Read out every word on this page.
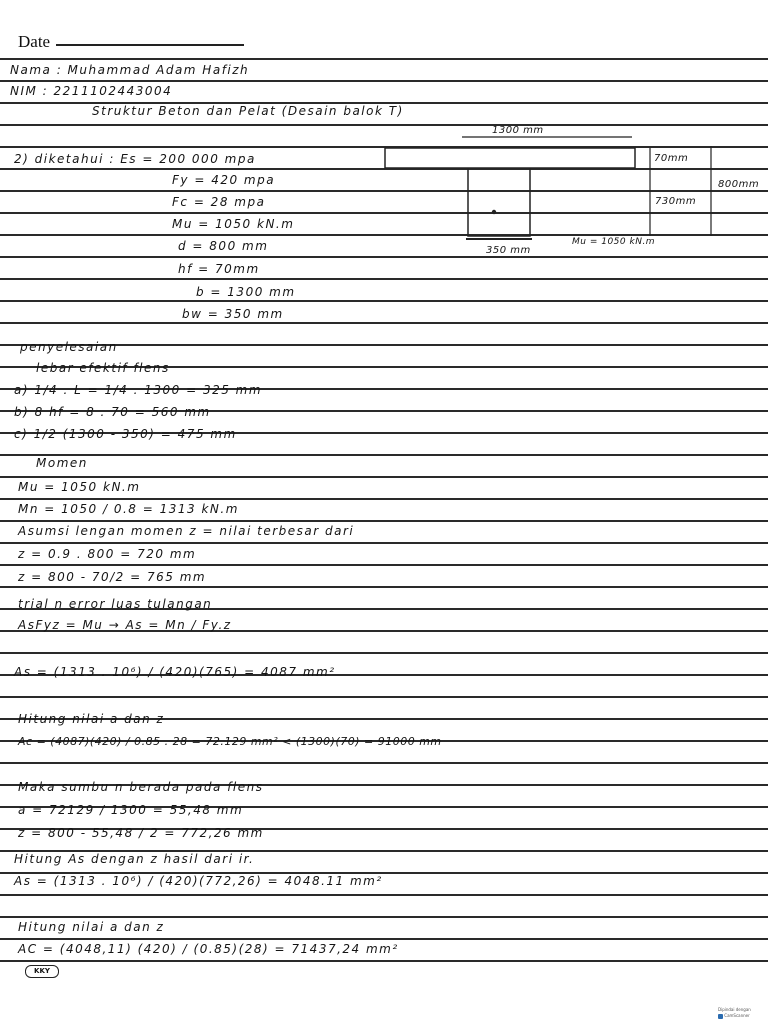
Date
Nama : Muhammad Adam Hafizh
NIM : 2211102443004
Struktur Beton dan Pelat (Desain balok T)
2) diketahui : Es = 200 000 mpa
Fy = 420 mpa
Fc = 28 mpa
Mu = 1050 kN.m
d = 800 mm
hf = 70mm
b = 1300 mm
bw = 350 mm
penyelesaian
lebar efektif flens
a) 1/4 . L = 1/4 . 1300 = 325 mm
b) 8 hf = 8 . 70 = 560 mm
c) 1/2 (1300 - 350) = 475 mm
Momen
Mu = 1050 kN.m
Mn = 1050 / 0.8 = 1313 kN.m
Asumsi lengan momen z = nilai terbesar dari
z = 0.9 . 800 = 720 mm
z = 800 - 70/2 = 765 mm
trial n error luas tulangan
AsFyz = Mu → As = Mn / Fy.z
As = (1313 . 10⁶) / (420)(765) = 4087 mm²
Hitung nilai a dan z
Ac = (4087)(420) / 0.85 . 28 = 72.129 mm² < (1300)(70) = 91000 mm
Maka sumbu n berada pada flens
a = 72129 / 1300 = 55,48 mm
z = 800 - 55,48 / 2 = 772,26 mm
Hitung As dengan z hasil dari ir.
As = (1313 . 10⁶) / (420)(772,26) = 4048.11 mm²
Hitung nilai a dan z
AC = (4048,11) (420) / (0.85)(28) = 71437,24 mm²
1300 mm
70mm
730mm
800mm
350 mm
Mu = 1050 kN.m
KKY
Dipindai dengan
CamScanner
